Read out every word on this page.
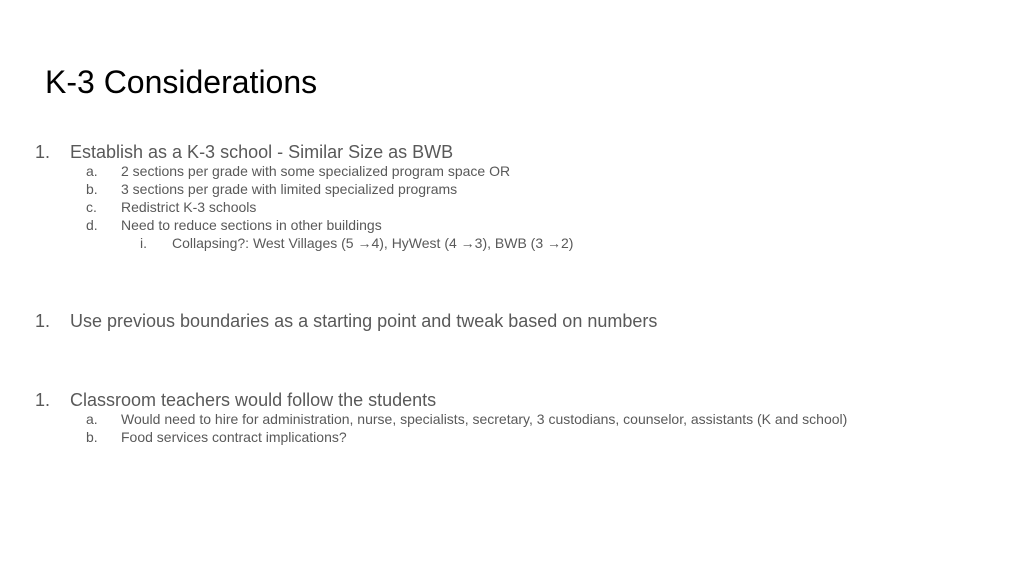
K-3 Considerations
1. Establish as a K-3 school - Similar Size as BWB
a. 2 sections per grade with some specialized program space OR
b. 3 sections per grade with limited specialized programs
c. Redistrict K-3 schools
d. Need to reduce sections in other buildings
i. Collapsing?: West Villages (5 →4), HyWest (4 →3), BWB (3 →2)
1. Use previous boundaries as a starting point and tweak based on numbers
1. Classroom teachers would follow the students
a. Would need to hire for administration, nurse, specialists, secretary, 3 custodians, counselor, assistants (K and school)
b. Food services contract implications?
